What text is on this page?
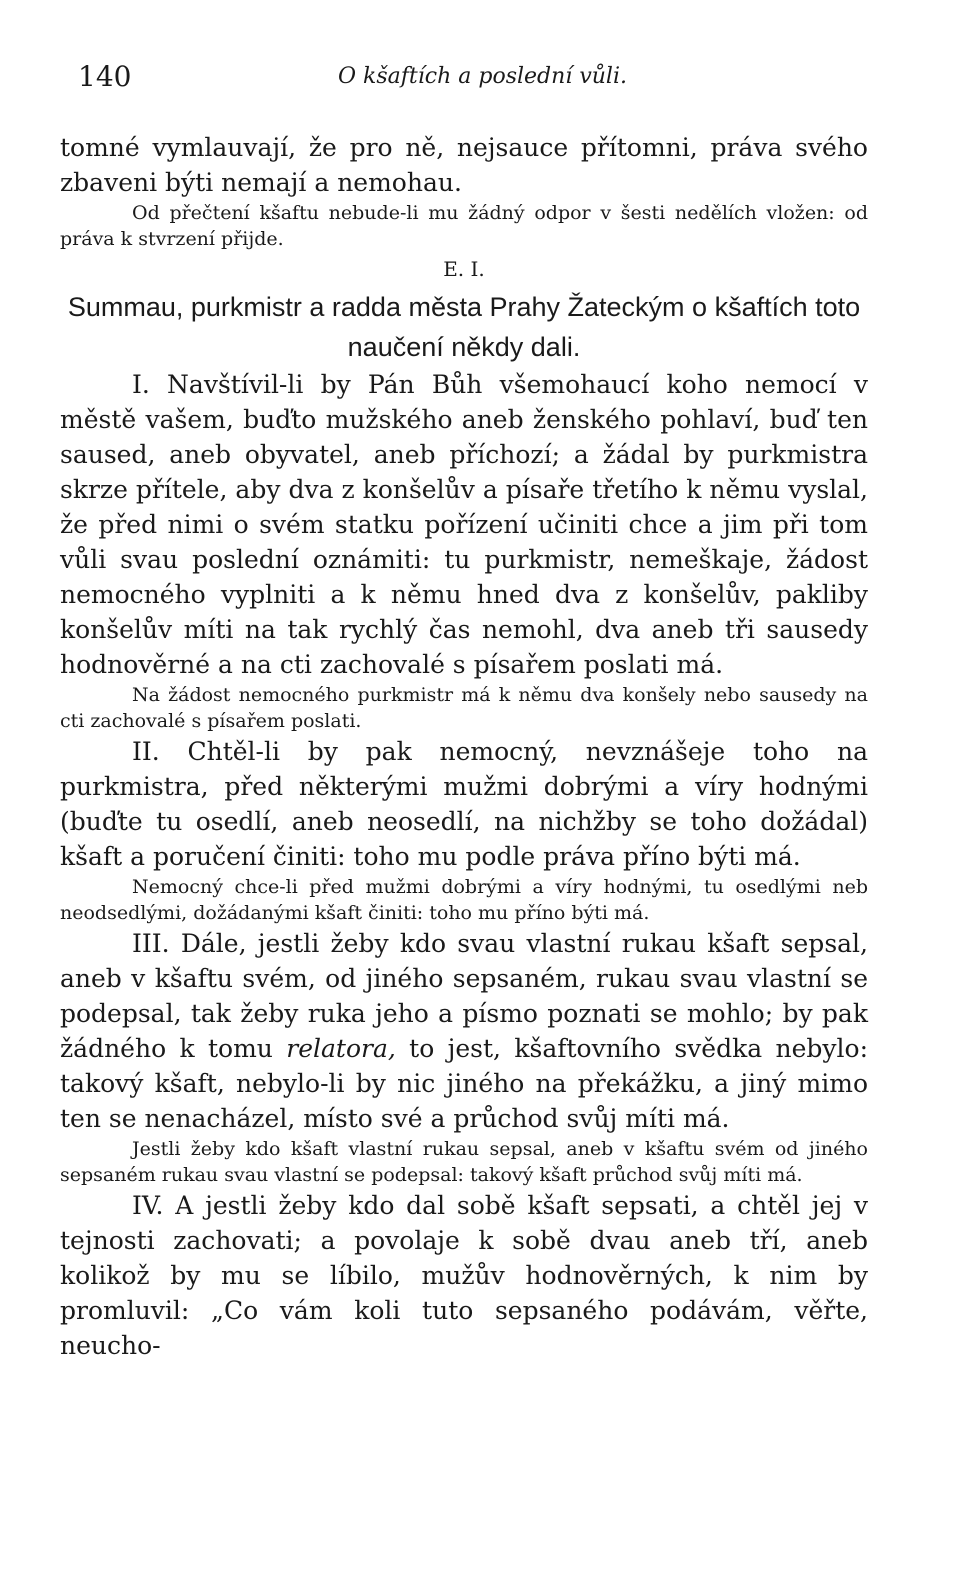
140	O kšaftích a poslední vůli.

tomné vymlauvají, že pro ně, nejsauce přítomni, práva svého zbaveni býti nemají a nemohau.

Od přečtení kšaftu nebude-li mu žádný odpor v šesti nedělích vložen: od práva k stvrzení přijde.

E. I.

Summau, purkmistr a radda města Prahy Žateckým o kšaftích toto
naučení někdy dali.

I. Navštívil-li by Pán Bůh všemohaucí koho nemocí v městě vašem, buďto mužského aneb ženského pohlaví, buď ten saused, aneb obyvatel, aneb příchozí; a žádal by purkmistra skrze přítele, aby dva z konšelův a písaře třetího k němu vyslal, že před nimi o svém statku pořízení učiniti chce a jim při tom vůli svau poslední oznámiti: tu purkmistr, nemeškaje, žádost nemocného vyplniti a k němu hned dva z konšelův, pakliby konšelův míti na tak rychlý čas nemohl, dva aneb tři sausedy hodnověrné a na cti zachovalé s písařem poslati má.

Na žádost nemocného purkmistr má k němu dva konšely nebo sausedy na cti zachovalé s písařem poslati.

II. Chtěl-li by pak nemocný, nevznášeje toho na purkmistra, před některými mužmi dobrými a víry hodnými (buďte tu osedlí, aneb neosedlí, na nichžby se toho dožádal) kšaft a poručení činiti: toho mu podle práva příno býti má.

Nemocný chce-li před mužmi dobrými a víry hodnými, tu osedlými neb neodsedlými, dožádanými kšaft činiti: toho mu příno býti má.

III. Dále, jestli žeby kdo svau vlastní rukau kšaft sepsal, aneb v kšaftu svém, od jiného sepsaném, rukau svau vlastní se podepsal, tak žeby ruka jeho a písmo poznati se mohlo; by pak žádného k tomu relatora, to jest, kšaftovního svědka nebylo: takový kšaft, nebylo-li by nic jiného na překážku, a jiný mimo ten se nenacházel, místo své a průchod svůj míti má.

Jestli žeby kdo kšaft vlastní rukau sepsal, aneb v kšaftu svém od jiného sepsaném rukau svau vlastní se podepsal: takový kšaft průchod svůj míti má.

IV. A jestli žeby kdo dal sobě kšaft sepsati, a chtěl jej v tejnosti zachovati; a povolaje k sobě dvau aneb tří, aneb kolikož by mu se líbilo, mužův hodnověrných, k nim by promluvil: „Co vám koli tuto sepsaného podávám, věřte, neucho-
